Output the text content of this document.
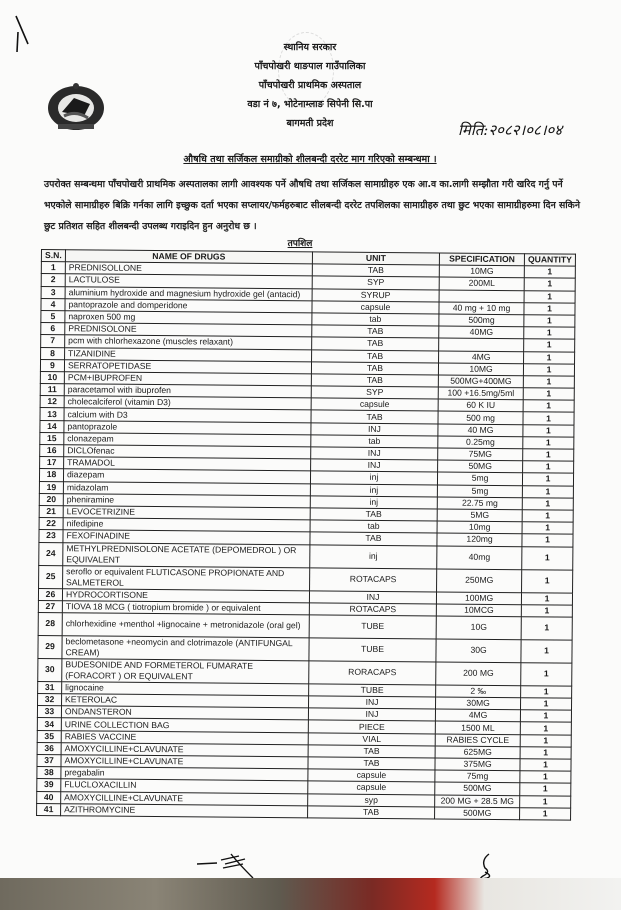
स्थानिय सरकार
पाँचपोखरी थाङपाल गाउँपालिका
पाँचपोखरी प्राथमिक अस्पताल
वडा नं ७, भोटेनाम्लाङ सिपेनी सि.पा
बागमती प्रदेश	मिति:२०८२।०८।०४
औषधि तथा सर्जिकल समाग्रीको शीलबन्दी दररेट माग गरिएको सम्बन्धमा ।
उपरोक्त सम्बन्धमा पाँचपोखरी प्राथमिक अस्पतालका लागी आवश्यक पर्ने औषधि तथा सर्जिकल सामाग्रीहरु एक आ.व का.लागी सम्झौता गरी खरिद गर्नु पर्ने भएकोले सामाग्रीहरु बिक्रि गर्नका लागि इच्छुक दर्ता भएका सप्लायर/फर्महरुबाट सीलबन्दी दररेट तपशिलका सामाग्रीहरु तथा छुट भएका सामाग्रीहरुमा दिन सकिने छुट प्रतिशत सहित शीलबन्दी उपलब्ध गराइदिन हुन अनुरोध छ ।
तपशिल
S.N.	NAME OF DRUGS	UNIT	SPECIFICATION	QUANTITY
1	PREDNISOLLONE	TAB	10MG	1
2	LACTULOSE	SYP	200ML	1
3	aluminium hydroxide and magnesium hydroxide gel (antacid)	SYRUP		1
4	pantoprazole and domperidone	capsule	40 mg + 10 mg	1
5	naproxen 500 mg	tab	500mg	1
6	PREDNISOLONE	TAB	40MG	1
7	pcm with chlorhexazone (muscles relaxant)	TAB		1
8	TIZANIDINE	TAB	4MG	1
9	SERRATOPETIDASE	TAB	10MG	1
10	PCM+IBUPROFEN	TAB	500MG+400MG	1
11	paracetamol with ibuprofen	SYP	100 +16.5mg/5ml	1
12	cholecalciferol (vitamin D3)	capsule	60 K IU	1
13	calcium with D3	TAB	500 mg	1
14	pantoprazole	INJ	40 MG	1
15	clonazepam	tab	0.25mg	1
16	DICLOfenac	INJ	75MG	1
17	TRAMADOL	INJ	50MG	1
18	diazepam	inj	5mg	1
19	midazolam	inj	5mg	1
20	pheniramine	inj	22.75 mg	1
21	LEVOCETRIZINE	TAB	5MG	1
22	nifedipine	tab	10mg	1
23	FEXOFINADINE	TAB	120mg	1
24	METHYLPREDNISOLONE ACETATE (DEPOMEDROL ) OR EQUIVALENT	inj	40mg	1
25	seroflo or equivalent FLUTICASONE PROPIONATE AND SALMETEROL	ROTACAPS	250MG	1
26	HYDROCORTISONE	INJ	100MG	1
27	TIOVA 18 MCG ( tiotropium bromide ) or equivalent	ROTACAPS	10MCG	1
28	chlorhexidine +menthol +lignocaine + metronidazole (oral gel)	TUBE	10G	1
29	beclometasone +neomycin and clotrimazole (ANTIFUNGAL CREAM)	TUBE	30G	1
30	BUDESONIDE AND FORMETEROL FUMARATE (FORACORT ) OR EQUIVALENT	RORACAPS	200 MG	1
31	lignocaine	TUBE	2 ‰	1
32	KETEROLAC	INJ	30MG	1
33	ONDANSTERON	INJ	4MG	1
34	URINE COLLECTION BAG	PIECE	1500 ML	1
35	RABIES VACCINE	VIAL	RABIES CYCLE	1
36	AMOXYCILLINE+CLAVUNATE	TAB	625MG	1
37	AMOXYCILLINE+CLAVUNATE	TAB	375MG	1
38	pregabalin	capsule	75mg	1
39	FLUCLOXACILLIN	capsule	500MG	1
40	AMOXYCILLINE+CLAVUNATE	syp	200 MG + 28.5 MG	1
41	AZITHROMYCINE	TAB	500MG	1
